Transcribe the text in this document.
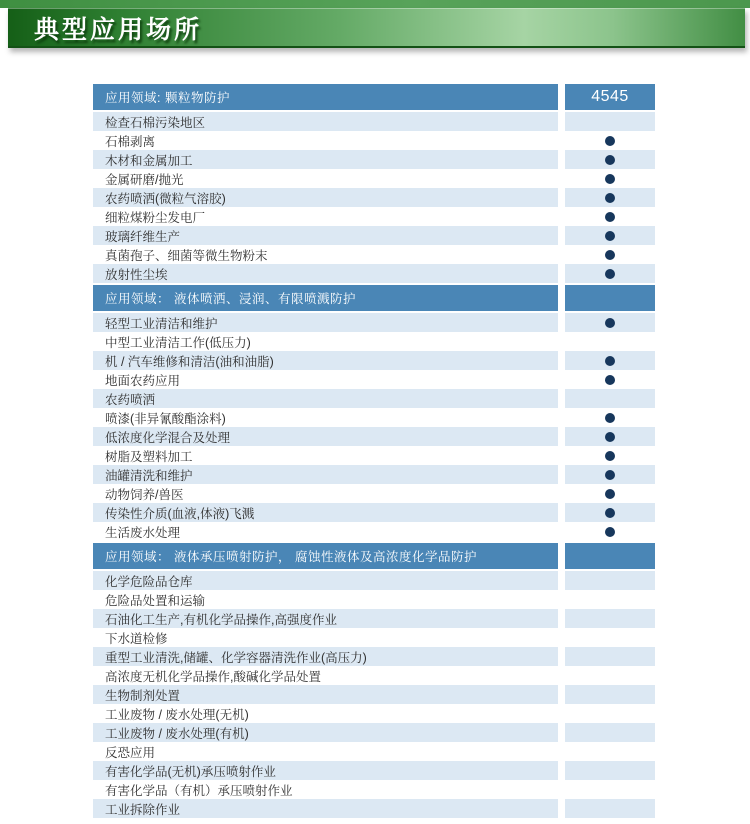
典型应用场所
应用领域: 颗粒物防护	4545
检查石棉污染地区
石棉剥离
木材和金属加工
金属研磨/抛光
农药喷洒(微粒气溶胶)
细粒煤粉尘发电厂
玻璃纤维生产
真菌孢子、细菌等微生物粉末
放射性尘埃
应用领域： 液体喷洒、浸润、有限喷溅防护
轻型工业清洁和维护
中型工业清洁工作(低压力)
机 / 汽车维修和清洁(油和油脂)
地面农药应用
农药喷洒
喷漆(非异氰酸酯涂料)
低浓度化学混合及处理
树脂及塑料加工
油罐清洗和维护
动物饲养/兽医
传染性介质(血液,体液)飞溅
生活废水处理
应用领域： 液体承压喷射防护， 腐蚀性液体及高浓度化学品防护
化学危险品仓库
危险品处置和运输
石油化工生产,有机化学品操作,高强度作业
下水道检修
重型工业清洗,储罐、化学容器清洗作业(高压力)
高浓度无机化学品操作,酸碱化学品处置
生物制剂处置
工业废物 / 废水处理(无机)
工业废物 / 废水处理(有机)
反恐应用
有害化学品(无机)承压喷射作业
有害化学品（有机）承压喷射作业
工业拆除作业
